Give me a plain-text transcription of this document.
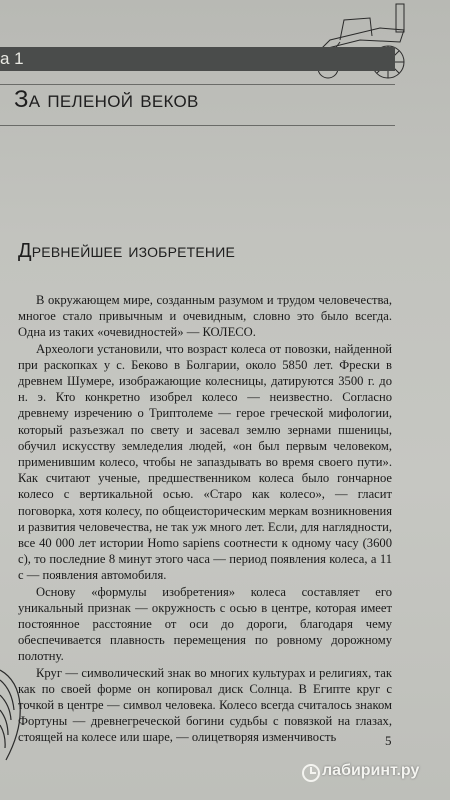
а 1
За пеленой веков
Древнейшее изобретение

В окружающем мире, созданным разумом и трудом человечества, многое стало привычным и очевидным, словно это было всегда. Одна из таких «очевидностей» — КОЛЕСО.

Археологи установили, что возраст колеса от повозки, найденной при раскопках у с. Беково в Болгарии, около 5850 лет. Фрески в древнем Шумере, изображающие колесницы, датируются 3500 г. до н. э. Кто конкретно изобрел колесо — неизвестно. Согласно древнему изречению о Триптолеме — герое греческой мифологии, который разъезжал по свету и засевал землю зернами пшеницы, обучил искусству земледелия людей, «он был первым человеком, применившим колесо, чтобы не запаздывать во время своего пути». Как считают ученые, предшественником колеса было гончарное колесо с вертикальной осью. «Старо как колесо», — гласит поговорка, хотя колесу, по общеисторическим меркам возникновения и развития человечества, не так уж много лет. Если, для наглядности, все 40 000 лет истории Homo sapiens соотнести к одному часу (3600 с), то последние 8 минут этого часа — период появления колеса, а 11 с — появления автомобиля.

Основу «формулы изобретения» колеса составляет его уникальный признак — окружность с осью в центре, которая имеет постоянное расстояние от оси до дороги, благодаря чему обеспечивается плавность перемещения по ровному дорожному полотну.

Круг — символический знак во многих культурах и религиях, так как по своей форме он копировал диск Солнца. В Египте круг с точкой в центре — символ человека. Колесо всегда считалось знаком Фортуны — древнегреческой богини судьбы с повязкой на глазах, стоящей на колесе или шаре, — олицетворяя изменчивость	5
лабиринт.ру
